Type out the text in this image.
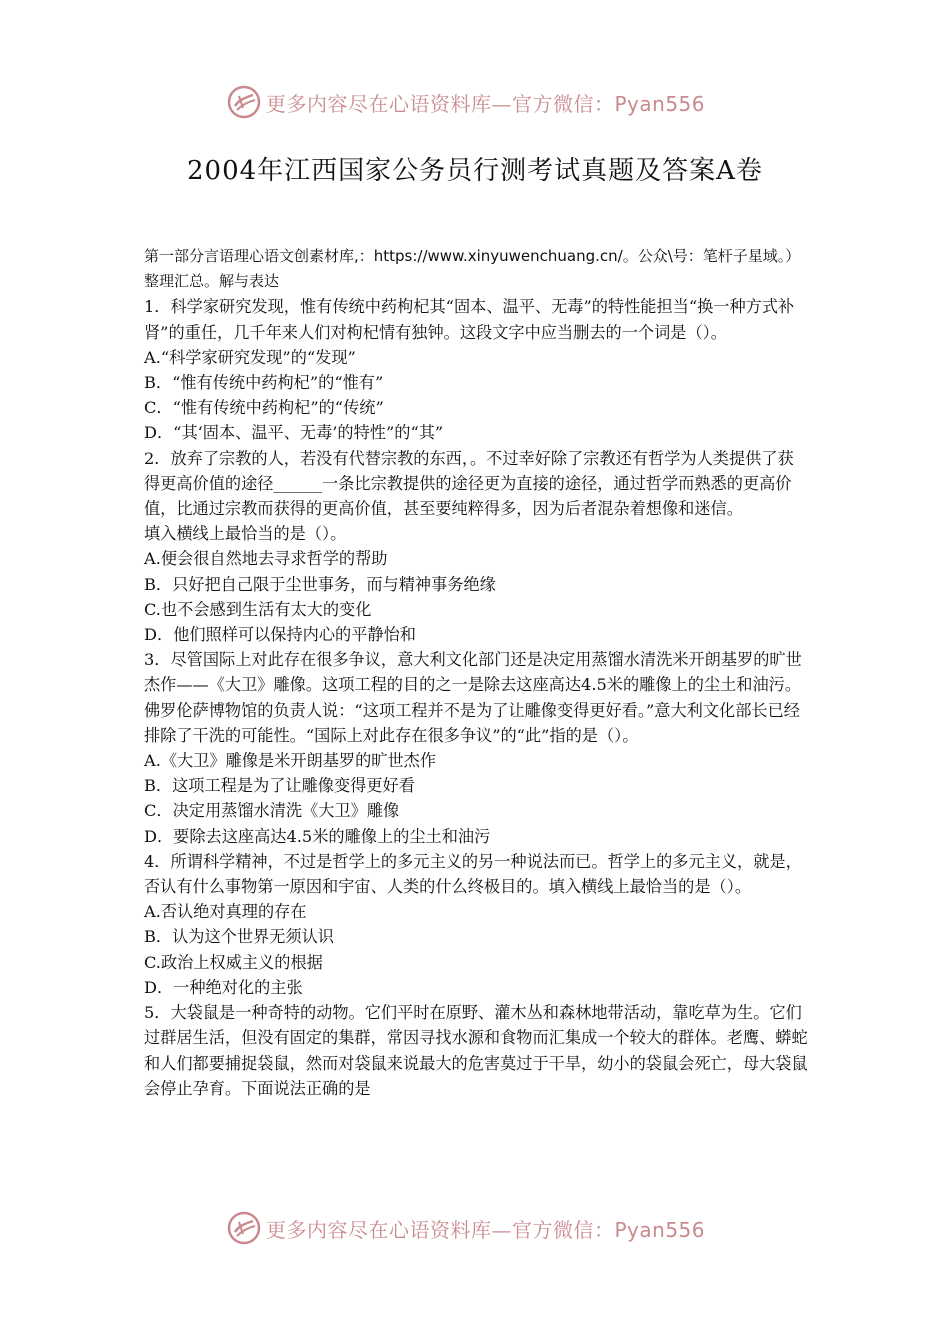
更多内容尽在心语资料库—官方微信：Pyan556
2004年江西国家公务员行测考试真题及答案A卷

第一部分言语理心语文创素材库,：https://www.xinyuwenchuang.cn/。公众\号：笔杆子星域。）整理汇总。解与表达

1．科学家研究发现，惟有传统中药枸杞其“固本、温平、无毒”的特性能担当“换一种方式补肾”的重任，几千年来人们对枸杞情有独钟。这段文字中应当删去的一个词是（）。

A.“科学家研究发现”的“发现”

B．“惟有传统中药枸杞”的“惟有”

C．“惟有传统中药枸杞”的“传统”

D．“其‘固本、温平、无毒’的特性”的“其”

2．放弃了宗教的人，若没有代替宗教的东西，。不过幸好除了宗教还有哲学为人类提供了获得更高价值的途径______一条比宗教提供的途径更为直接的途径，通过哲学而熟悉的更高价值，比通过宗教而获得的更高价值，甚至要纯粹得多，因为后者混杂着想像和迷信。

填入横线上最恰当的是（）。

A.便会很自然地去寻求哲学的帮助

B．只好把自己限于尘世事务，而与精神事务绝缘

C.也不会感到生活有太大的变化

D．他们照样可以保持内心的平静怡和

3．尽管国际上对此存在很多争议，意大利文化部门还是决定用蒸馏水清洗米开朗基罗的旷世杰作——《大卫》雕像。这项工程的目的之一是除去这座高达4.5米的雕像上的尘土和油污。佛罗伦萨博物馆的负责人说：“这项工程并不是为了让雕像变得更好看。”意大利文化部长已经排除了干洗的可能性。“国际上对此存在很多争议”的“此”指的是（）。

A.《大卫》雕像是米开朗基罗的旷世杰作

B．这项工程是为了让雕像变得更好看

C．决定用蒸馏水清洗《大卫》雕像

D．要除去这座高达4.5米的雕像上的尘土和油污

4．所谓科学精神，不过是哲学上的多元主义的另一种说法而已。哲学上的多元主义，就是，否认有什么事物第一原因和宇宙、人类的什么终极目的。填入横线上最恰当的是（）。

A.否认绝对真理的存在

B．认为这个世界无须认识

C.政治上权威主义的根据

D．一种绝对化的主张

5．大袋鼠是一种奇特的动物。它们平时在原野、灌木丛和森林地带活动，靠吃草为生。它们过群居生活，但没有固定的集群，常因寻找水源和食物而汇集成一个较大的群体。老鹰、蟒蛇和人们都要捕捉袋鼠，然而对袋鼠来说最大的危害莫过于干旱，幼小的袋鼠会死亡，母大袋鼠会停止孕育。下面说法正确的是

更多内容尽在心语资料库—官方微信：Pyan556
